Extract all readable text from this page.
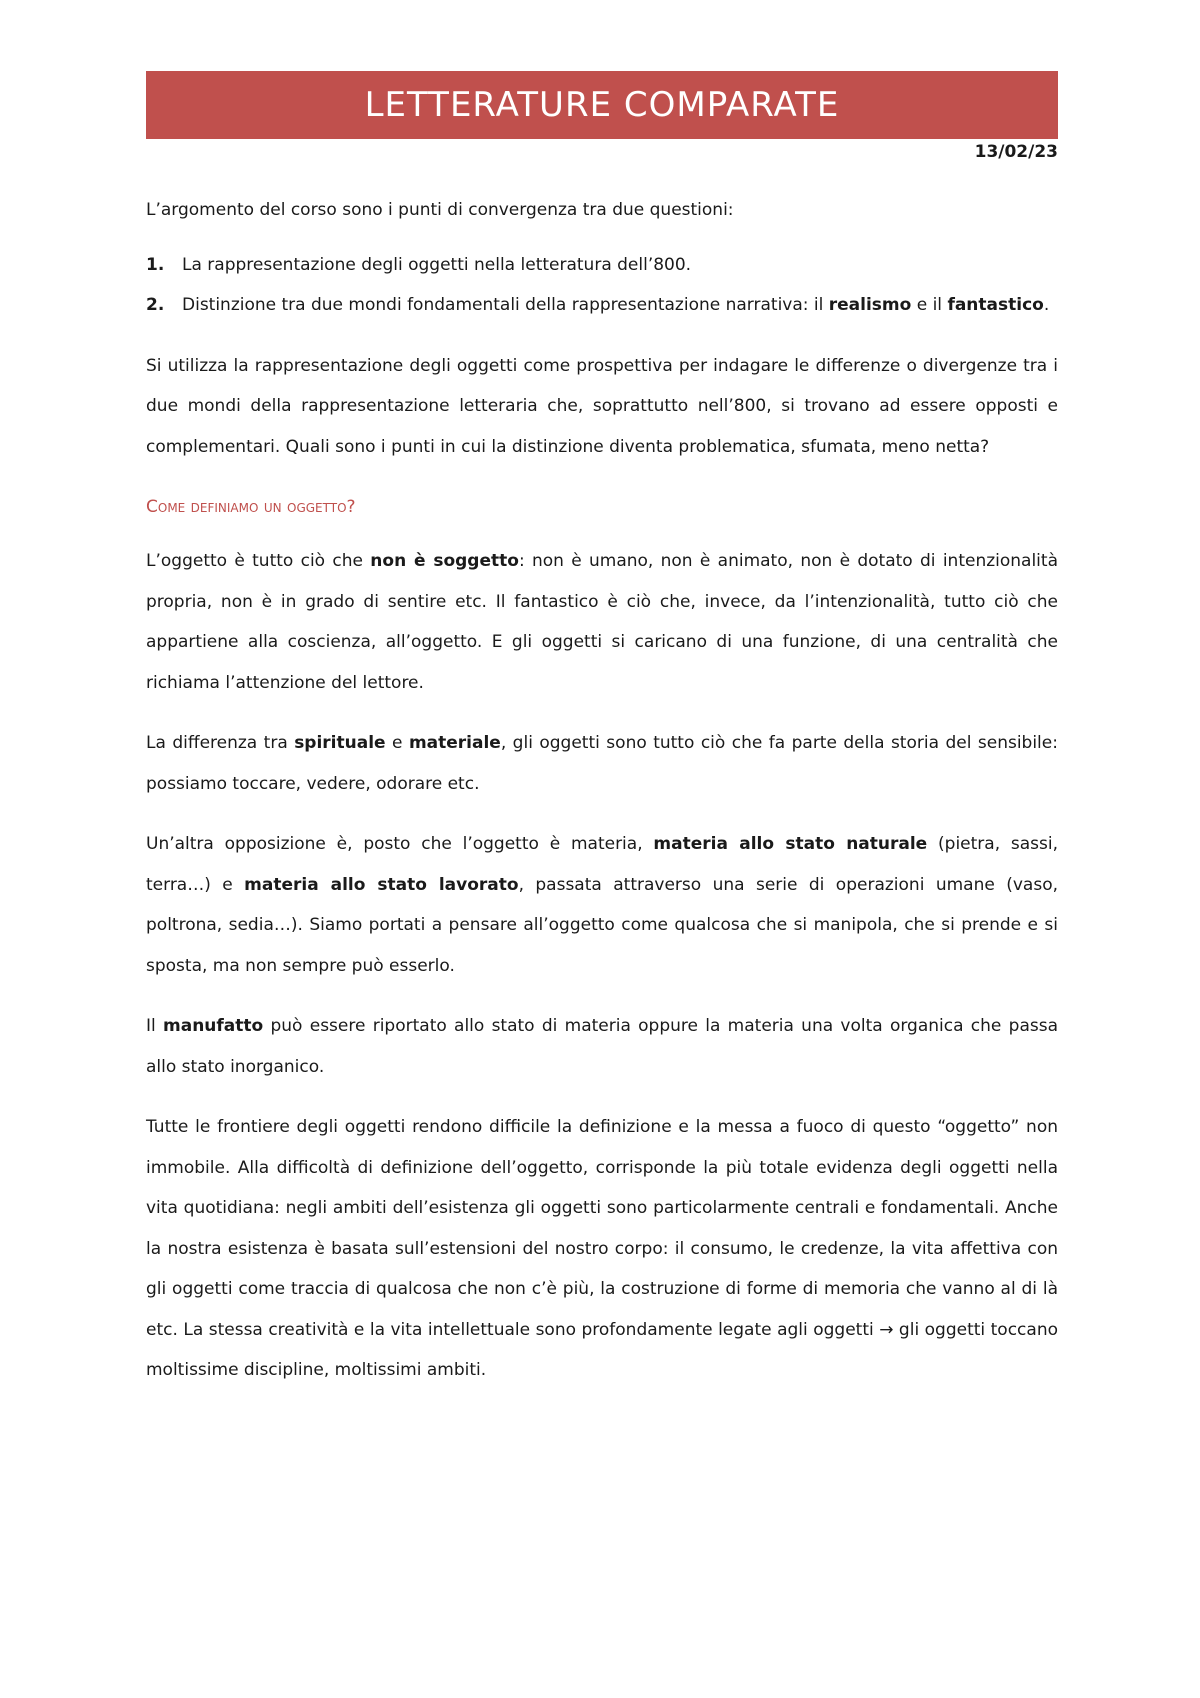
LETTERATURE COMPARATE
13/02/23

L’argomento del corso sono i punti di convergenza tra due questioni:

1.	La rappresentazione degli oggetti nella letteratura dell’800.
2.	Distinzione tra due mondi fondamentali della rappresentazione narrativa: il realismo e il fantastico.

Si utilizza la rappresentazione degli oggetti come prospettiva per indagare le differenze o divergenze tra i due mondi della rappresentazione letteraria che, soprattutto nell’800, si trovano ad essere opposti e complementari. Quali sono i punti in cui la distinzione diventa problematica, sfumata, meno netta?

Come definiamo un oggetto?

L’oggetto è tutto ciò che non è soggetto: non è umano, non è animato, non è dotato di intenzionalità propria, non è in grado di sentire etc. Il fantastico è ciò che, invece, da l’intenzionalità, tutto ciò che appartiene alla coscienza, all’oggetto. E gli oggetti si caricano di una funzione, di una centralità che richiama l’attenzione del lettore.

La differenza tra spirituale e materiale, gli oggetti sono tutto ciò che fa parte della storia del sensibile: possiamo toccare, vedere, odorare etc.

Un’altra opposizione è, posto che l’oggetto è materia, materia allo stato naturale (pietra, sassi, terra…) e materia allo stato lavorato, passata attraverso una serie di operazioni umane (vaso, poltrona, sedia…). Siamo portati a pensare all’oggetto come qualcosa che si manipola, che si prende e si sposta, ma non sempre può esserlo.

Il manufatto può essere riportato allo stato di materia oppure la materia una volta organica che passa allo stato inorganico.

Tutte le frontiere degli oggetti rendono difficile la definizione e la messa a fuoco di questo “oggetto” non immobile. Alla difficoltà di definizione dell’oggetto, corrisponde la più totale evidenza degli oggetti nella vita quotidiana: negli ambiti dell’esistenza gli oggetti sono particolarmente centrali e fondamentali. Anche la nostra esistenza è basata sull’estensioni del nostro corpo: il consumo, le credenze, la vita affettiva con gli oggetti come traccia di qualcosa che non c’è più, la costruzione di forme di memoria che vanno al di là etc. La stessa creatività e la vita intellettuale sono profondamente legate agli oggetti → gli oggetti toccano moltissime discipline, moltissimi ambiti.
